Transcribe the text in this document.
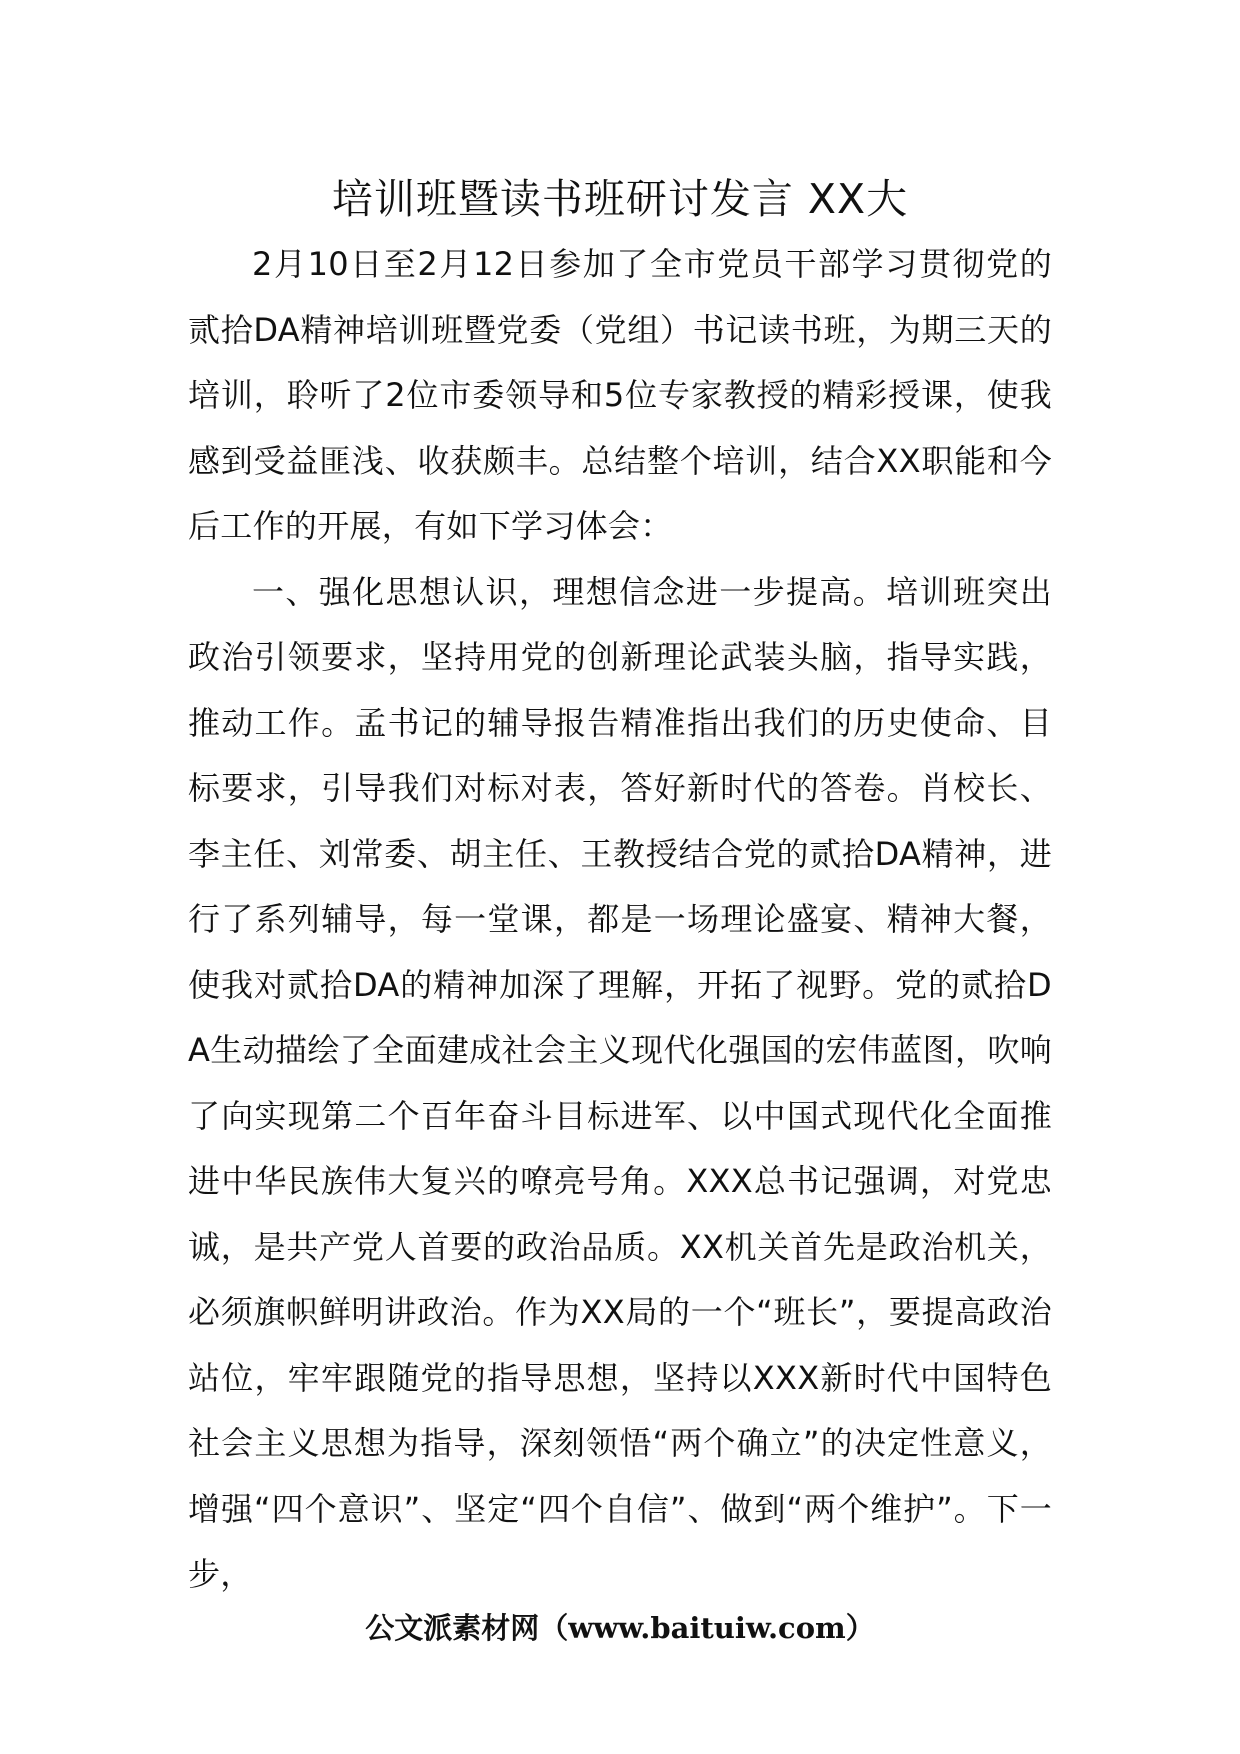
培训班暨读书班研讨发言 XX大

2月10日至2月12日参加了全市党员干部学习贯彻党的贰拾DA精神培训班暨党委（党组）书记读书班，为期三天的培训，聆听了2位市委领导和5位专家教授的精彩授课，使我感到受益匪浅、收获颇丰。总结整个培训，结合XX职能和今后工作的开展，有如下学习体会：

一、强化思想认识，理想信念进一步提高。培训班突出政治引领要求，坚持用党的创新理论武装头脑，指导实践，推动工作。孟书记的辅导报告精准指出我们的历史使命、目标要求，引导我们对标对表，答好新时代的答卷。肖校长、李主任、刘常委、胡主任、王教授结合党的贰拾DA精神，进行了系列辅导，每一堂课，都是一场理论盛宴、精神大餐，使我对贰拾DA的精神加深了理解，开拓了视野。党的贰拾DA生动描绘了全面建成社会主义现代化强国的宏伟蓝图，吹响了向实现第二个百年奋斗目标进军、以中国式现代化全面推进中华民族伟大复兴的嘹亮号角。XXX总书记强调，对党忠诚，是共产党人首要的政治品质。XX机关首先是政治机关，必须旗帜鲜明讲政治。作为XX局的一个“班长”，要提高政治站位，牢牢跟随党的指导思想，坚持以XXX新时代中国特色社会主义思想为指导，深刻领悟“两个确立”的决定性意义，增强“四个意识”、坚定“四个自信”、做到“两个维护”。下一步，

公文派素材网（www.baituiw.com）
